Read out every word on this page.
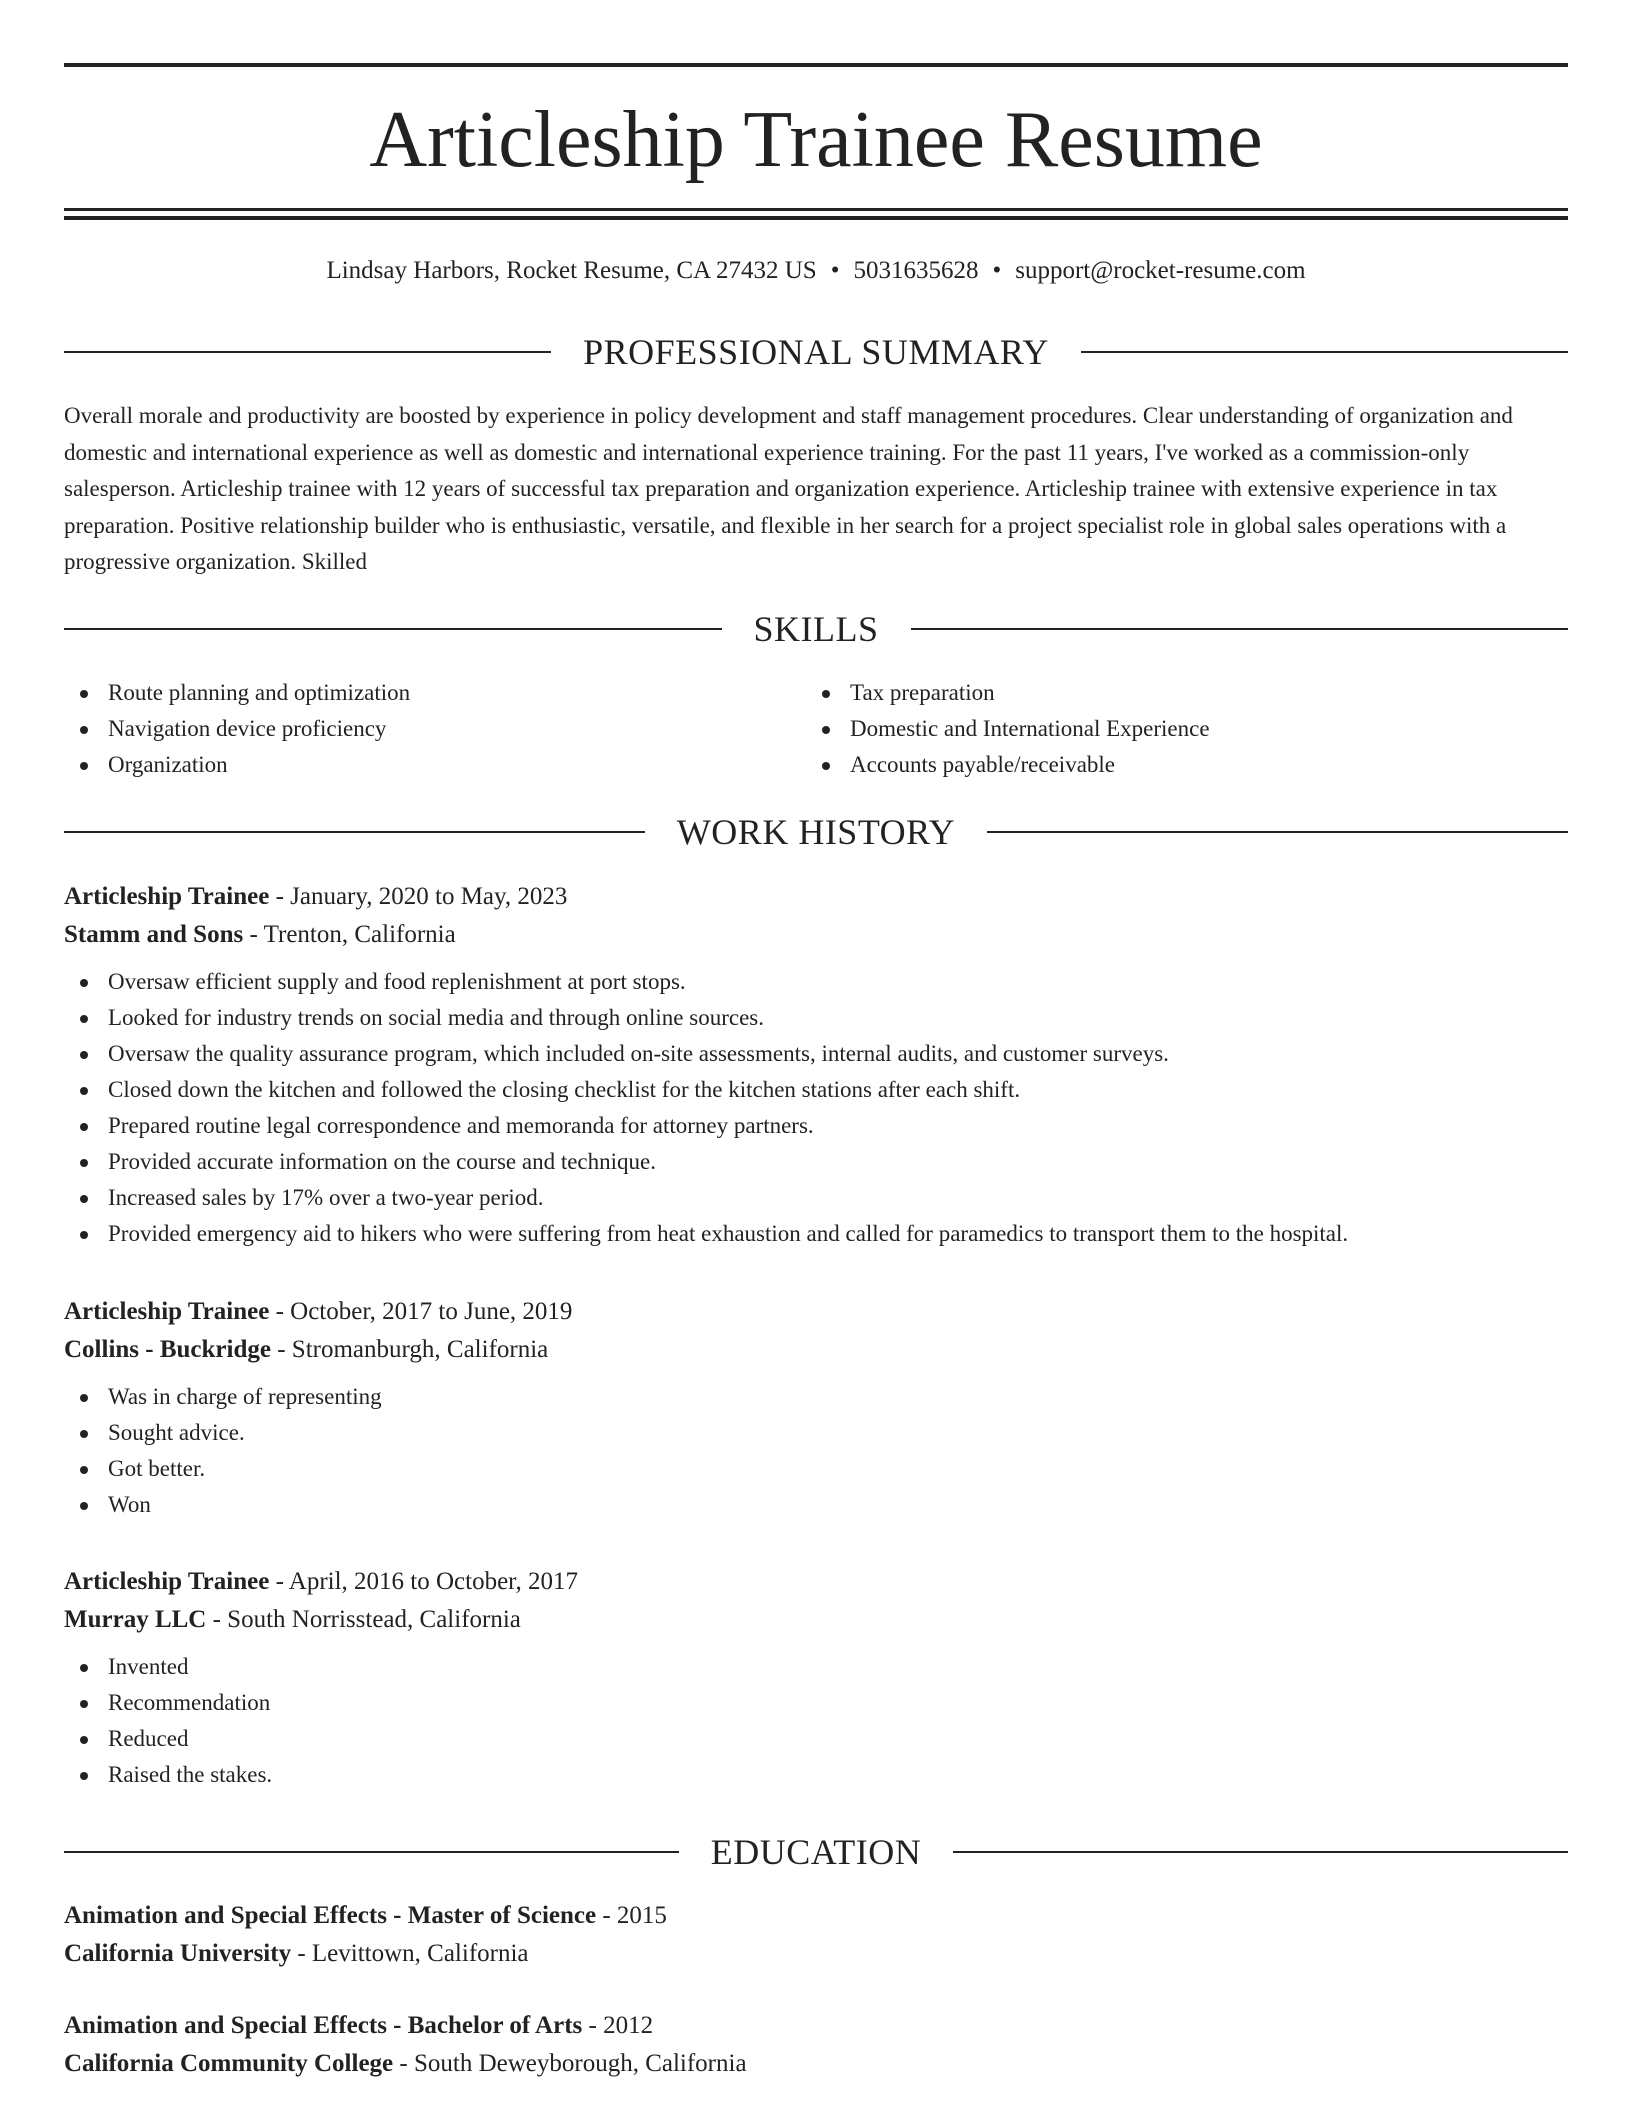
Articleship Trainee Resume
Lindsay Harbors, Rocket Resume, CA 27432 US • 5031635628 • support@rocket-resume.com
PROFESSIONAL SUMMARY

Overall morale and productivity are boosted by experience in policy development and staff management procedures. Clear understanding of organization and domestic and international experience as well as domestic and international experience training. For the past 11 years, I've worked as a commission-only salesperson. Articleship trainee with 12 years of successful tax preparation and organization experience. Articleship trainee with extensive experience in tax preparation. Positive relationship builder who is enthusiastic, versatile, and flexible in her search for a project specialist role in global sales operations with a progressive organization. Skilled

SKILLS
Route planning and optimization
Navigation device proficiency
Organization
Tax preparation
Domestic and International Experience
Accounts payable/receivable
WORK HISTORY
Articleship Trainee - January, 2020 to May, 2023
Stamm and Sons - Trenton, California
Oversaw efficient supply and food replenishment at port stops.
Looked for industry trends on social media and through online sources.
Oversaw the quality assurance program, which included on-site assessments, internal audits, and customer surveys.
Closed down the kitchen and followed the closing checklist for the kitchen stations after each shift.
Prepared routine legal correspondence and memoranda for attorney partners.
Provided accurate information on the course and technique.
Increased sales by 17% over a two-year period.
Provided emergency aid to hikers who were suffering from heat exhaustion and called for paramedics to transport them to the hospital.
Articleship Trainee - October, 2017 to June, 2019
Collins - Buckridge - Stromanburgh, California
Was in charge of representing
Sought advice.
Got better.
Won
Articleship Trainee - April, 2016 to October, 2017
Murray LLC - South Norrisstead, California
Invented
Recommendation
Reduced
Raised the stakes.
EDUCATION
Animation and Special Effects - Master of Science - 2015
California University - Levittown, California
Animation and Special Effects - Bachelor of Arts - 2012
California Community College - South Deweyborough, California
